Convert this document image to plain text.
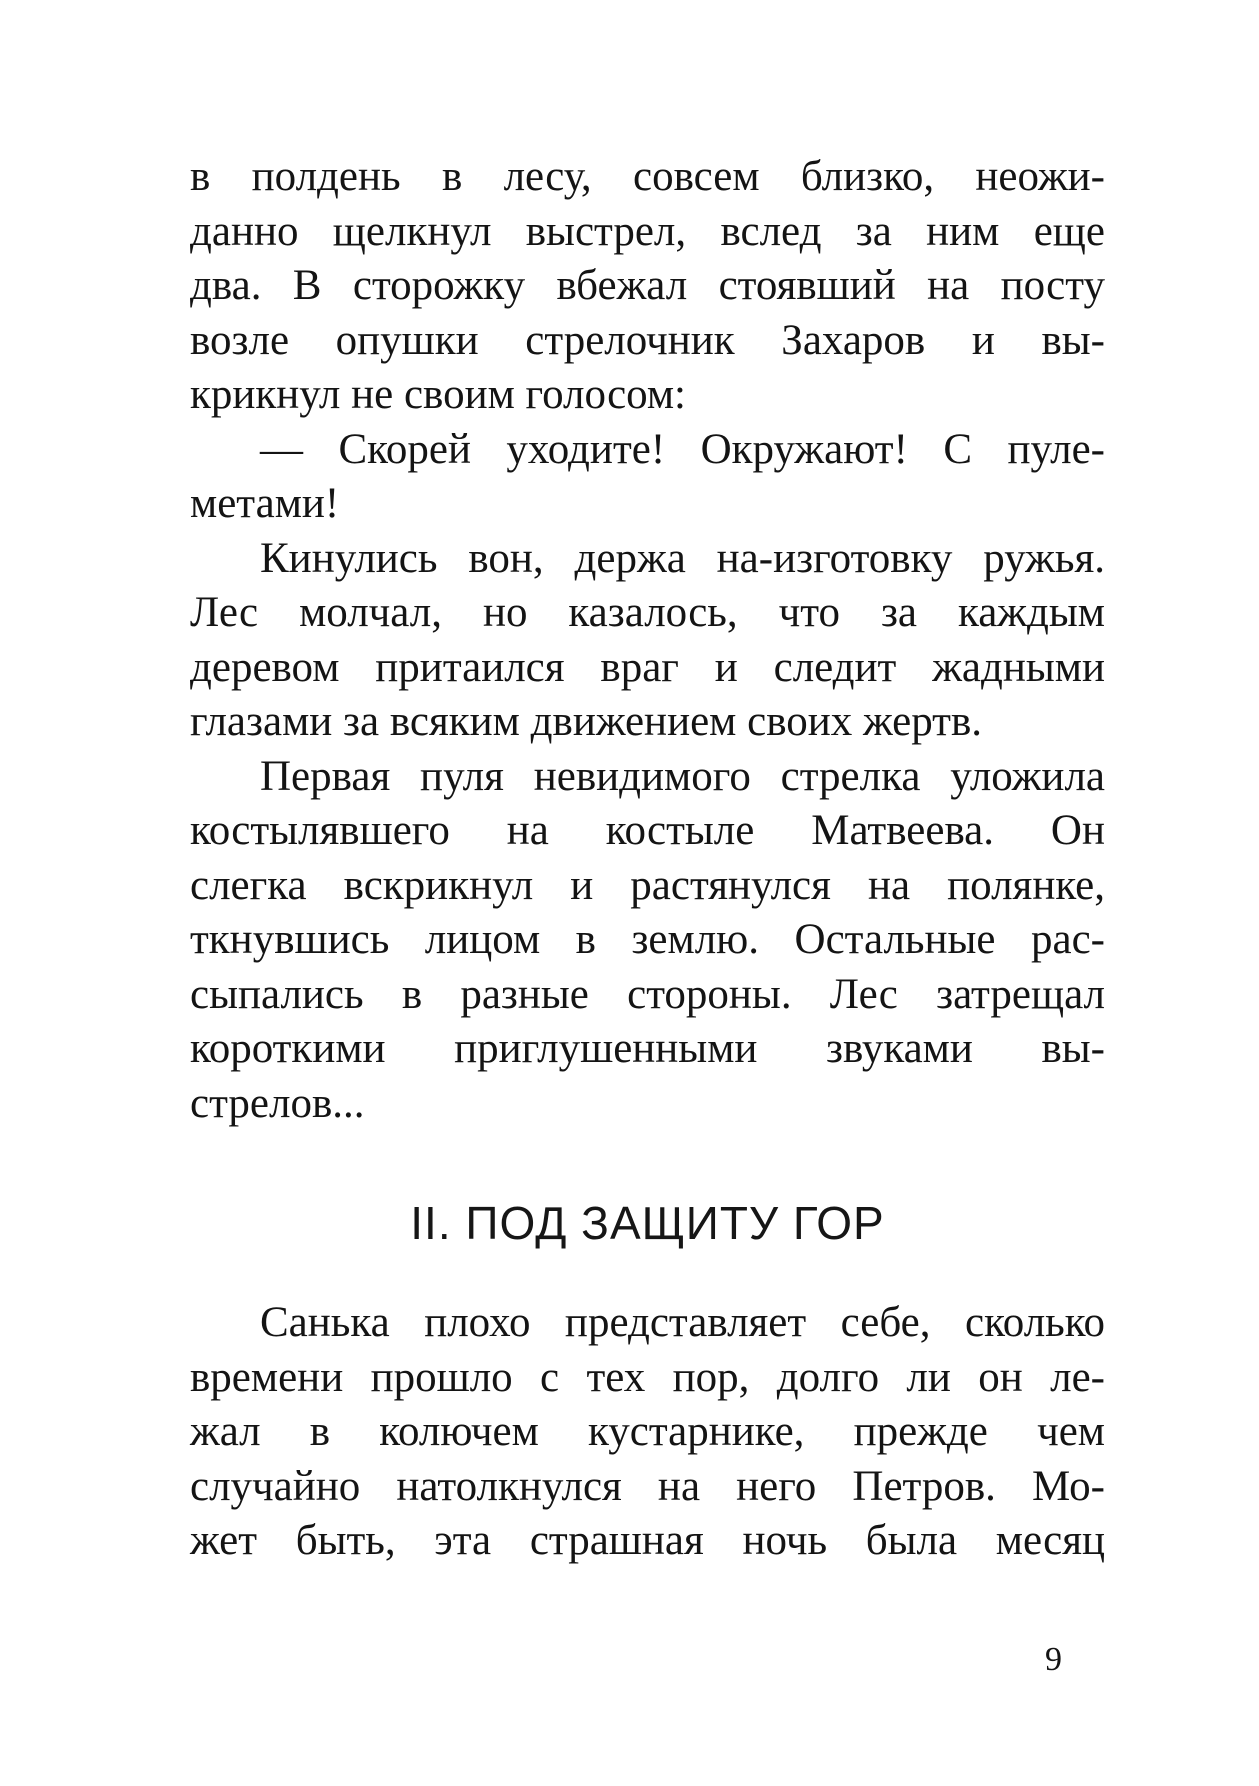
в полдень в лесу, совсем близко, неожи-
данно щелкнул выстрел, вслед за ним еще
два. В сторожку вбежал стоявший на посту
возле опушки стрелочник Захаров и вы-
крикнул не своим голосом:
— Скорей уходите! Окружают! С пуле-
метами!
Кинулись вон, держа на-изготовку ружья.
Лес молчал, но казалось, что за каждым
деревом притаился враг и следит жадными
глазами за всяким движением своих жертв.
Первая пуля невидимого стрелка уложила
костылявшего на костыле Матвеева. Он
слегка вскрикнул и растянулся на полянке,
ткнувшись лицом в землю. Остальные рас-
сыпались в разные стороны. Лес затрещал
короткими приглушенными звуками вы-
стрелов...
II. ПОД ЗАЩИТУ ГОР
Санька плохо представляет себе, сколько
времени прошло с тех пор, долго ли он ле-
жал в колючем кустарнике, прежде чем
случайно натолкнулся на него Петров. Мо-
жет быть, эта страшная ночь была месяц
9
